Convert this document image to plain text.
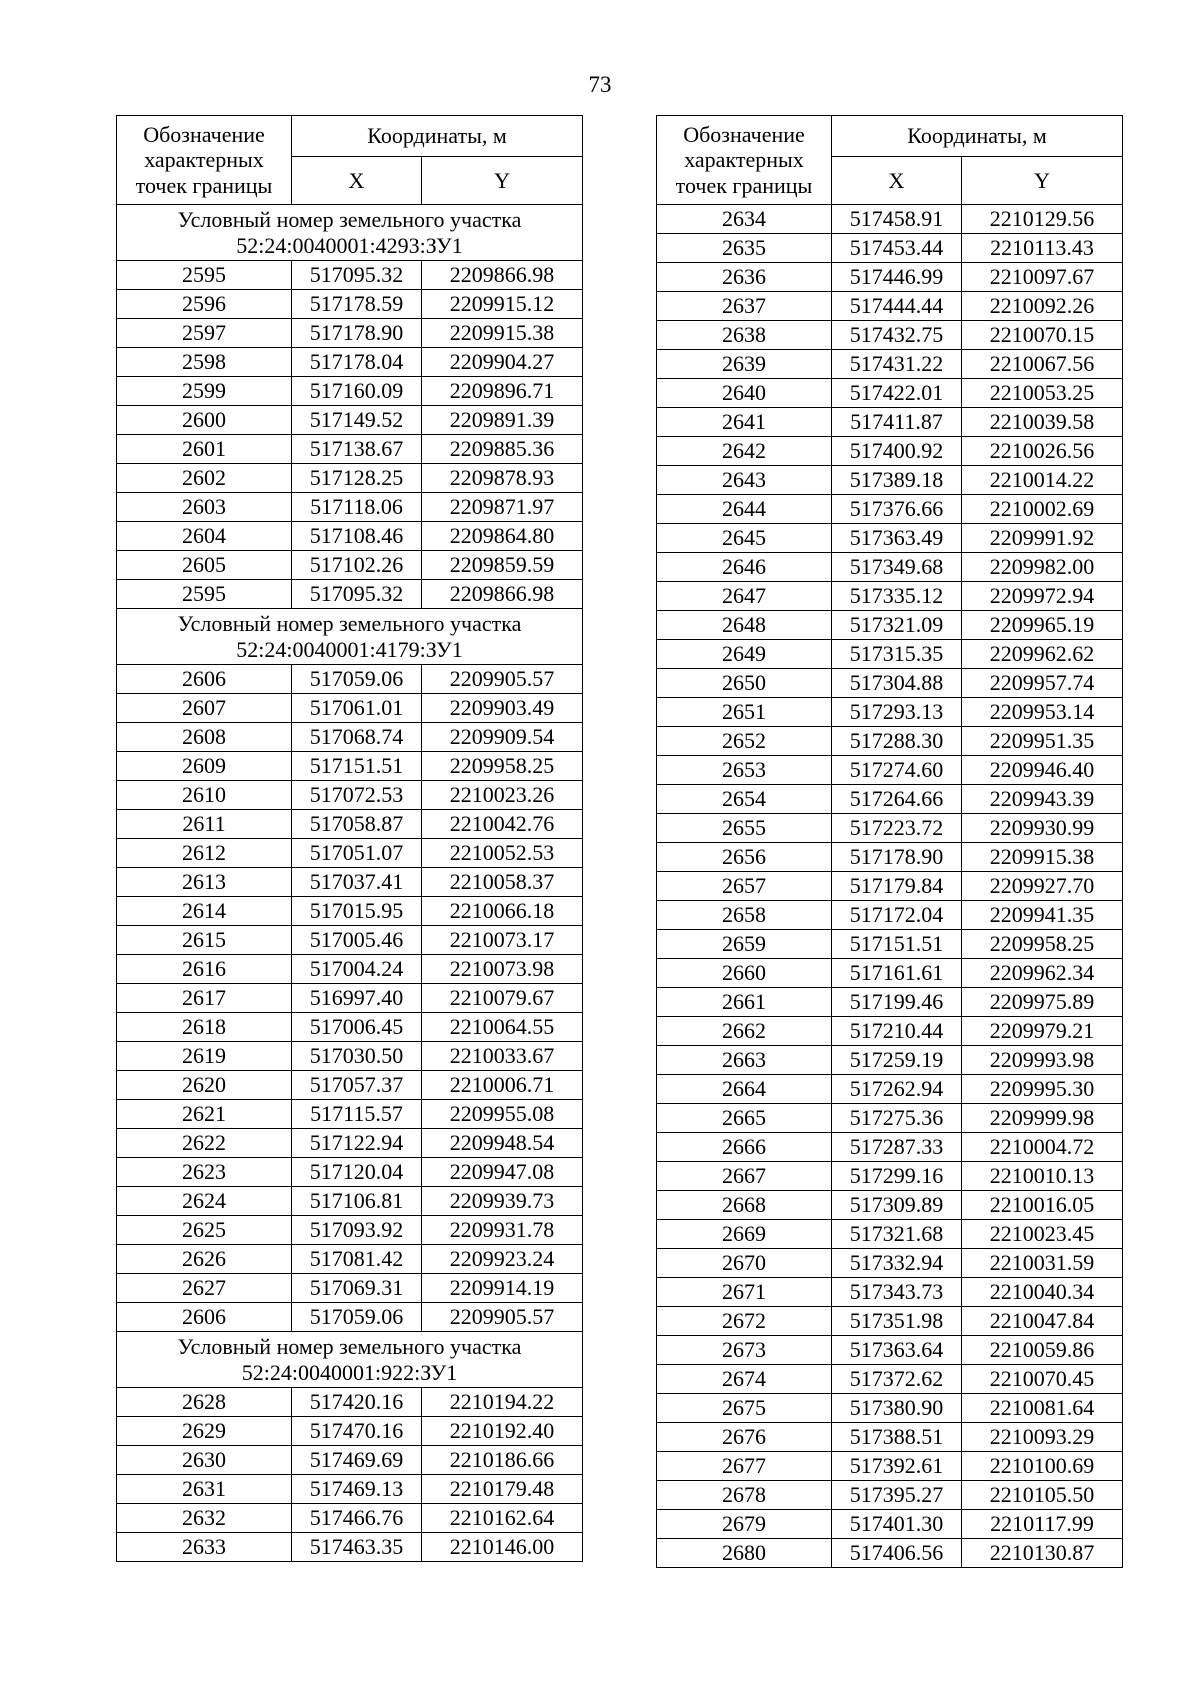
73
Обозначение характерных точек границы	Координаты, м	
	X	Y
Условный номер земельного участка 52:24:0040001:4293:ЗУ1		
2595	517095.32	2209866.98
2596	517178.59	2209915.12
2597	517178.90	2209915.38
2598	517178.04	2209904.27
2599	517160.09	2209896.71
2600	517149.52	2209891.39
2601	517138.67	2209885.36
2602	517128.25	2209878.93
2603	517118.06	2209871.97
2604	517108.46	2209864.80
2605	517102.26	2209859.59
2595	517095.32	2209866.98
Условный номер земельного участка 52:24:0040001:4179:ЗУ1		
2606	517059.06	2209905.57
2607	517061.01	2209903.49
2608	517068.74	2209909.54
2609	517151.51	2209958.25
2610	517072.53	2210023.26
2611	517058.87	2210042.76
2612	517051.07	2210052.53
2613	517037.41	2210058.37
2614	517015.95	2210066.18
2615	517005.46	2210073.17
2616	517004.24	2210073.98
2617	516997.40	2210079.67
2618	517006.45	2210064.55
2619	517030.50	2210033.67
2620	517057.37	2210006.71
2621	517115.57	2209955.08
2622	517122.94	2209948.54
2623	517120.04	2209947.08
2624	517106.81	2209939.73
2625	517093.92	2209931.78
2626	517081.42	2209923.24
2627	517069.31	2209914.19
2606	517059.06	2209905.57
Условный номер земельного участка 52:24:0040001:922:ЗУ1		
2628	517420.16	2210194.22
2629	517470.16	2210192.40
2630	517469.69	2210186.66
2631	517469.13	2210179.48
2632	517466.76	2210162.64
2633	517463.35	2210146.00
Обозначение характерных точек границы	Координаты, м	
	X	Y
2634	517458.91	2210129.56
2635	517453.44	2210113.43
2636	517446.99	2210097.67
2637	517444.44	2210092.26
2638	517432.75	2210070.15
2639	517431.22	2210067.56
2640	517422.01	2210053.25
2641	517411.87	2210039.58
2642	517400.92	2210026.56
2643	517389.18	2210014.22
2644	517376.66	2210002.69
2645	517363.49	2209991.92
2646	517349.68	2209982.00
2647	517335.12	2209972.94
2648	517321.09	2209965.19
2649	517315.35	2209962.62
2650	517304.88	2209957.74
2651	517293.13	2209953.14
2652	517288.30	2209951.35
2653	517274.60	2209946.40
2654	517264.66	2209943.39
2655	517223.72	2209930.99
2656	517178.90	2209915.38
2657	517179.84	2209927.70
2658	517172.04	2209941.35
2659	517151.51	2209958.25
2660	517161.61	2209962.34
2661	517199.46	2209975.89
2662	517210.44	2209979.21
2663	517259.19	2209993.98
2664	517262.94	2209995.30
2665	517275.36	2209999.98
2666	517287.33	2210004.72
2667	517299.16	2210010.13
2668	517309.89	2210016.05
2669	517321.68	2210023.45
2670	517332.94	2210031.59
2671	517343.73	2210040.34
2672	517351.98	2210047.84
2673	517363.64	2210059.86
2674	517372.62	2210070.45
2675	517380.90	2210081.64
2676	517388.51	2210093.29
2677	517392.61	2210100.69
2678	517395.27	2210105.50
2679	517401.30	2210117.99
2680	517406.56	2210130.87
